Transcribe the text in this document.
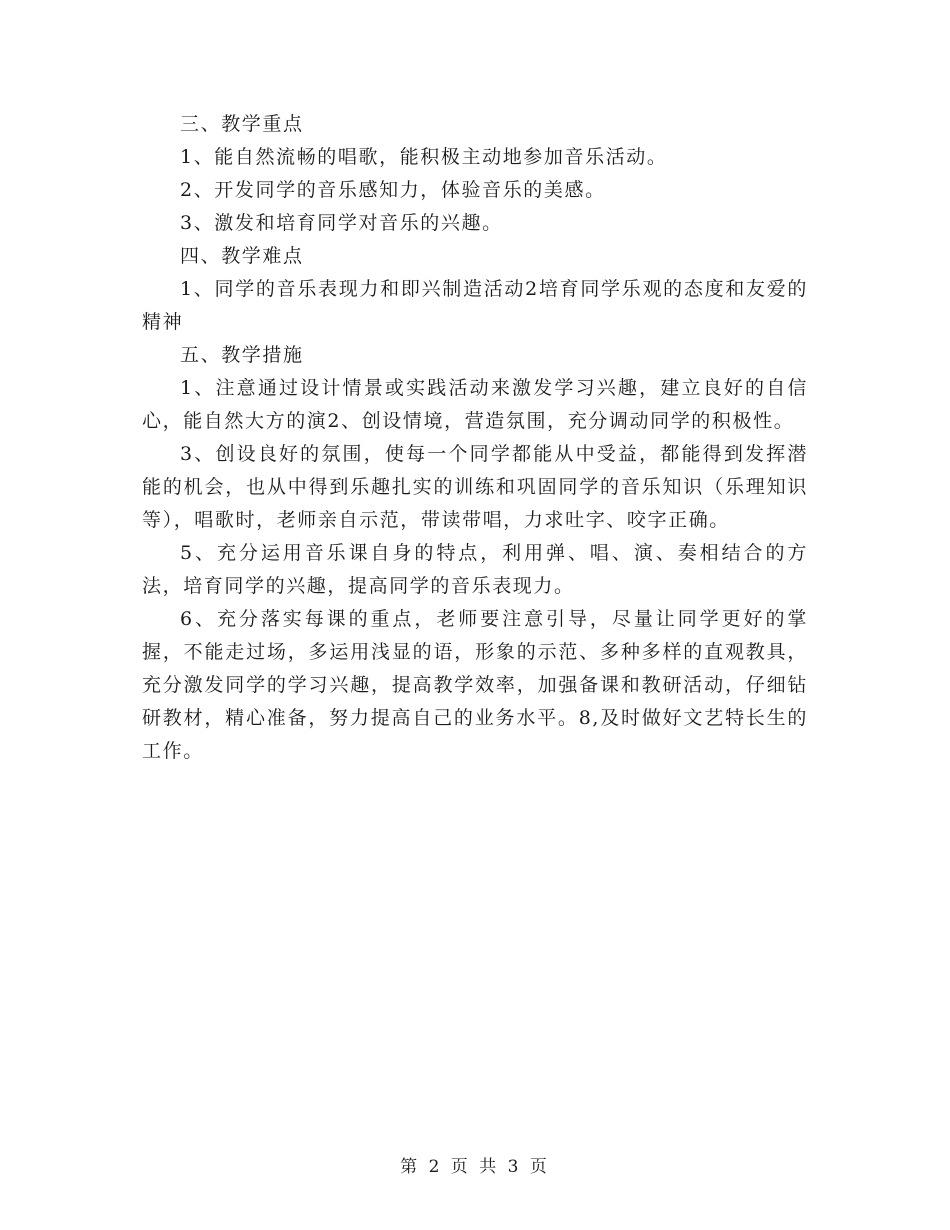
三、教学重点

1、能自然流畅的唱歌，能积极主动地参加音乐活动。

2、开发同学的音乐感知力，体验音乐的美感。

3、激发和培育同学对音乐的兴趣。

四、教学难点

1、同学的音乐表现力和即兴制造活动2培育同学乐观的态度和友爱的精神

五、教学措施

1、注意通过设计情景或实践活动来激发学习兴趣，建立良好的自信心，能自然大方的演2、创设情境，营造氛围，充分调动同学的积极性。

3、创设良好的氛围，使每一个同学都能从中受益，都能得到发挥潜能的机会，也从中得到乐趣扎实的训练和巩固同学的音乐知识（乐理知识等），唱歌时，老师亲自示范，带读带唱，力求吐字、咬字正确。

5、充分运用音乐课自身的特点，利用弹、唱、演、奏相结合的方法，培育同学的兴趣，提高同学的音乐表现力。

6、充分落实每课的重点，老师要注意引导，尽量让同学更好的掌握，不能走过场，多运用浅显的语，形象的示范、多种多样的直观教具，充分激发同学的学习兴趣，提高教学效率，加强备课和教研活动，仔细钻研教材，精心准备，努力提高自己的业务水平。8,及时做好文艺特长生的工作。

第 2 页 共 3 页
